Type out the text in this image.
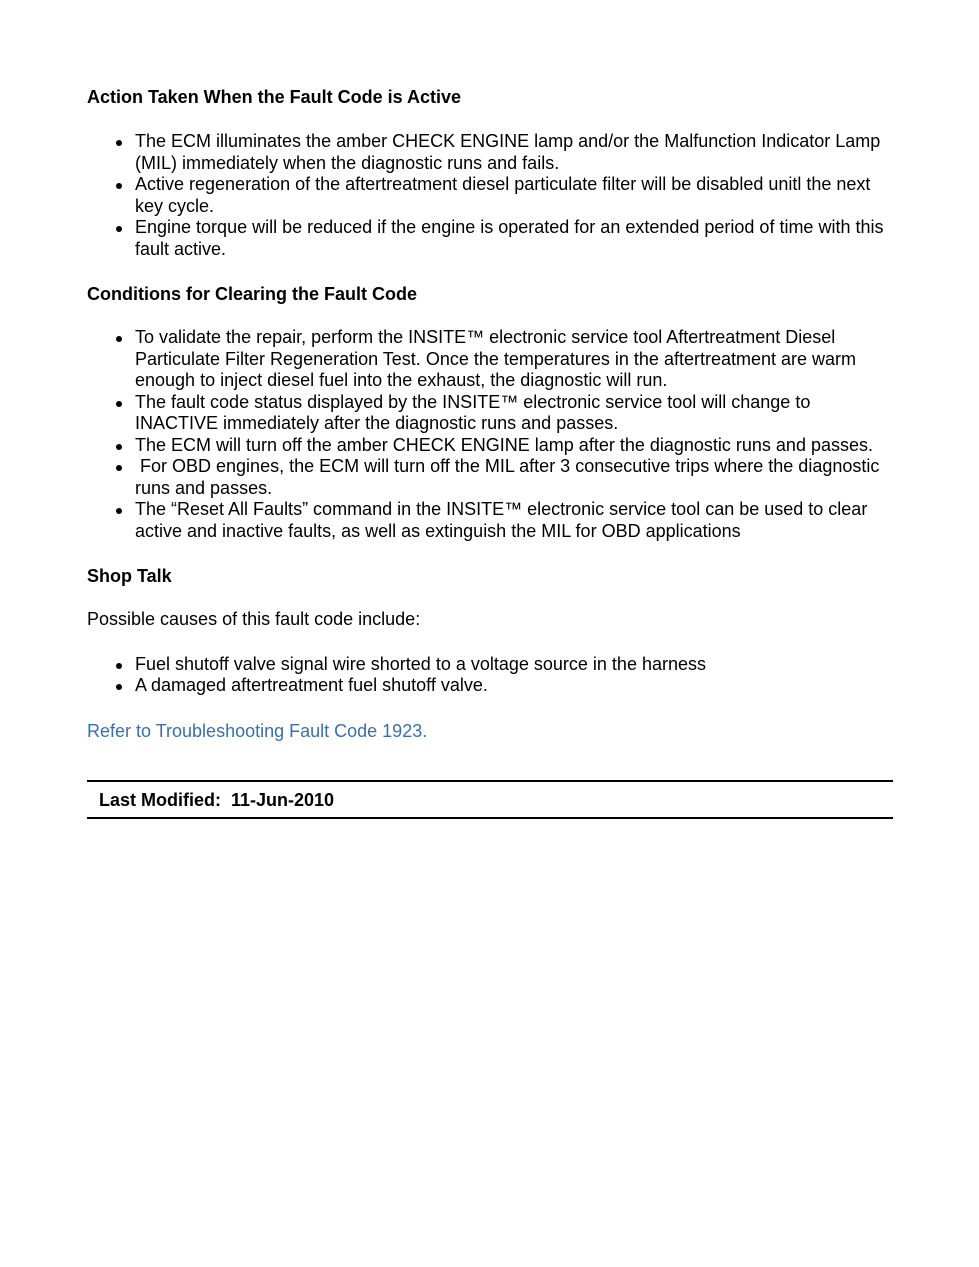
Action Taken When the Fault Code is Active
The ECM illuminates the amber CHECK ENGINE lamp and/or the Malfunction Indicator Lamp (MIL) immediately when the diagnostic runs and fails.
Active regeneration of the aftertreatment diesel particulate filter will be disabled unitl the next key cycle.
Engine torque will be reduced if the engine is operated for an extended period of time with this fault active.
Conditions for Clearing the Fault Code
To validate the repair, perform the INSITE™ electronic service tool Aftertreatment Diesel Particulate Filter Regeneration Test. Once the temperatures in the aftertreatment are warm enough to inject diesel fuel into the exhaust, the diagnostic will run.
The fault code status displayed by the INSITE™ electronic service tool will change to INACTIVE immediately after the diagnostic runs and passes.
The ECM will turn off the amber CHECK ENGINE lamp after the diagnostic runs and passes.
For OBD engines, the ECM will turn off the MIL after 3 consecutive trips where the diagnostic runs and passes.
The “Reset All Faults” command in the INSITE™ electronic service tool can be used to clear active and inactive faults, as well as extinguish the MIL for OBD applications
Shop Talk

Possible causes of this fault code include:

Fuel shutoff valve signal wire shorted to a voltage source in the harness
A damaged aftertreatment fuel shutoff valve.
Refer to Troubleshooting Fault Code 1923.
Last Modified:  11-Jun-2010
